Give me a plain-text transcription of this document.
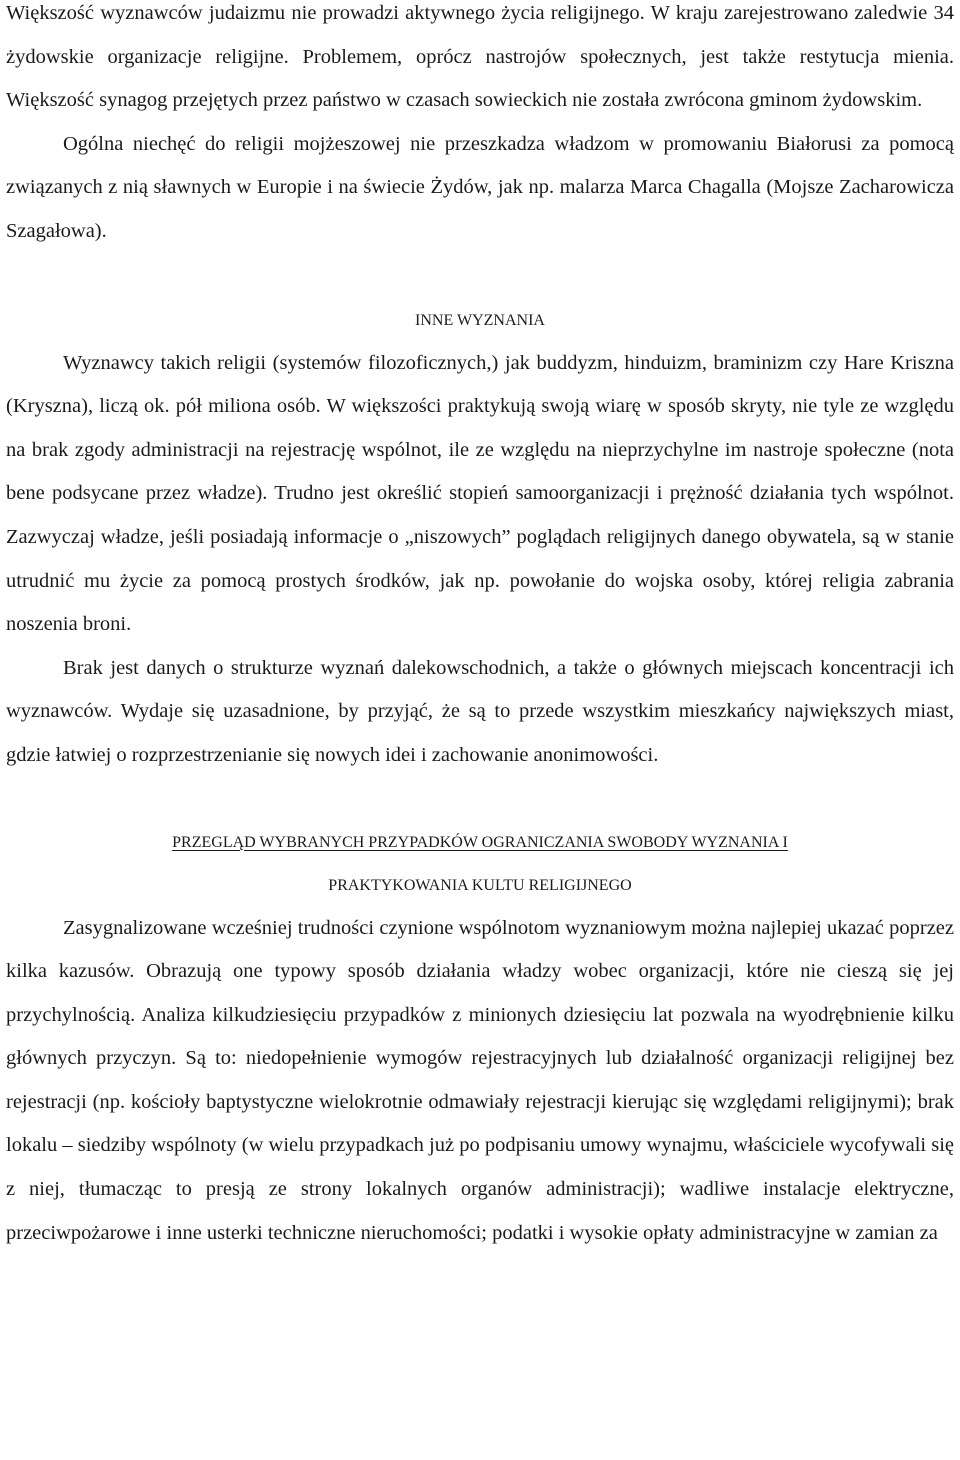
Większość wyznawców judaizmu nie prowadzi aktywnego życia religijnego. W kraju zarejestrowano zaledwie 34 żydowskie organizacje religijne. Problemem, oprócz nastrojów społecznych, jest także restytucja mienia. Większość synagog przejętych przez państwo w czasach sowieckich nie została zwrócona gminom żydowskim.

Ogólna niechęć do religii mojżeszowej nie przeszkadza władzom w promowaniu Białorusi za pomocą związanych z nią sławnych w Europie i na świecie Żydów, jak np. malarza Marca Chagalla (Mojsze Zacharowicza Szagałowa).

INNE WYZNANIA

Wyznawcy takich religii (systemów filozoficznych,) jak buddyzm, hinduizm, braminizm czy Hare Kriszna (Kryszna), liczą ok. pół miliona osób. W większości praktykują swoją wiarę w sposób skryty, nie tyle ze względu na brak zgody administracji na rejestrację wspólnot, ile ze względu na nieprzychylne im nastroje społeczne (nota bene podsycane przez władze). Trudno jest określić stopień samoorganizacji i prężność działania tych wspólnot. Zazwyczaj władze, jeśli posiadają informacje o „niszowych” poglądach religijnych danego obywatela, są w stanie utrudnić mu życie za pomocą prostych środków, jak np. powołanie do wojska osoby, której religia zabrania noszenia broni.

Brak jest danych o strukturze wyznań dalekowschodnich, a także o głównych miejscach koncentracji ich wyznawców. Wydaje się uzasadnione, by przyjąć, że są to przede wszystkim mieszkańcy największych miast, gdzie łatwiej o rozprzestrzenianie się nowych idei i zachowanie anonimowości.

PRZEGLĄD WYBRANYCH PRZYPADKÓW OGRANICZANIA SWOBODY WYZNANIA I

PRAKTYKOWANIA KULTU RELIGIJNEGO

Zasygnalizowane wcześniej trudności czynione wspólnotom wyznaniowym można najlepiej ukazać poprzez kilka kazusów. Obrazują one typowy sposób działania władzy wobec organizacji, które nie cieszą się jej przychylnością. Analiza kilkudziesięciu przypadków z minionych dziesięciu lat pozwala na wyodrębnienie kilku głównych przyczyn. Są to: niedopełnienie wymogów rejestracyjnych lub działalność organizacji religijnej bez rejestracji (np. kościoły baptystyczne wielokrotnie odmawiały rejestracji kierując się względami religijnymi); brak lokalu – siedziby wspólnoty (w wielu przypadkach już po podpisaniu umowy wynajmu, właściciele wycofywali się z niej, tłumacząc to presją ze strony lokalnych organów administracji); wadliwe instalacje elektryczne, przeciwpożarowe i inne usterki techniczne nieruchomości; podatki i wysokie opłaty administracyjne w zamian za
